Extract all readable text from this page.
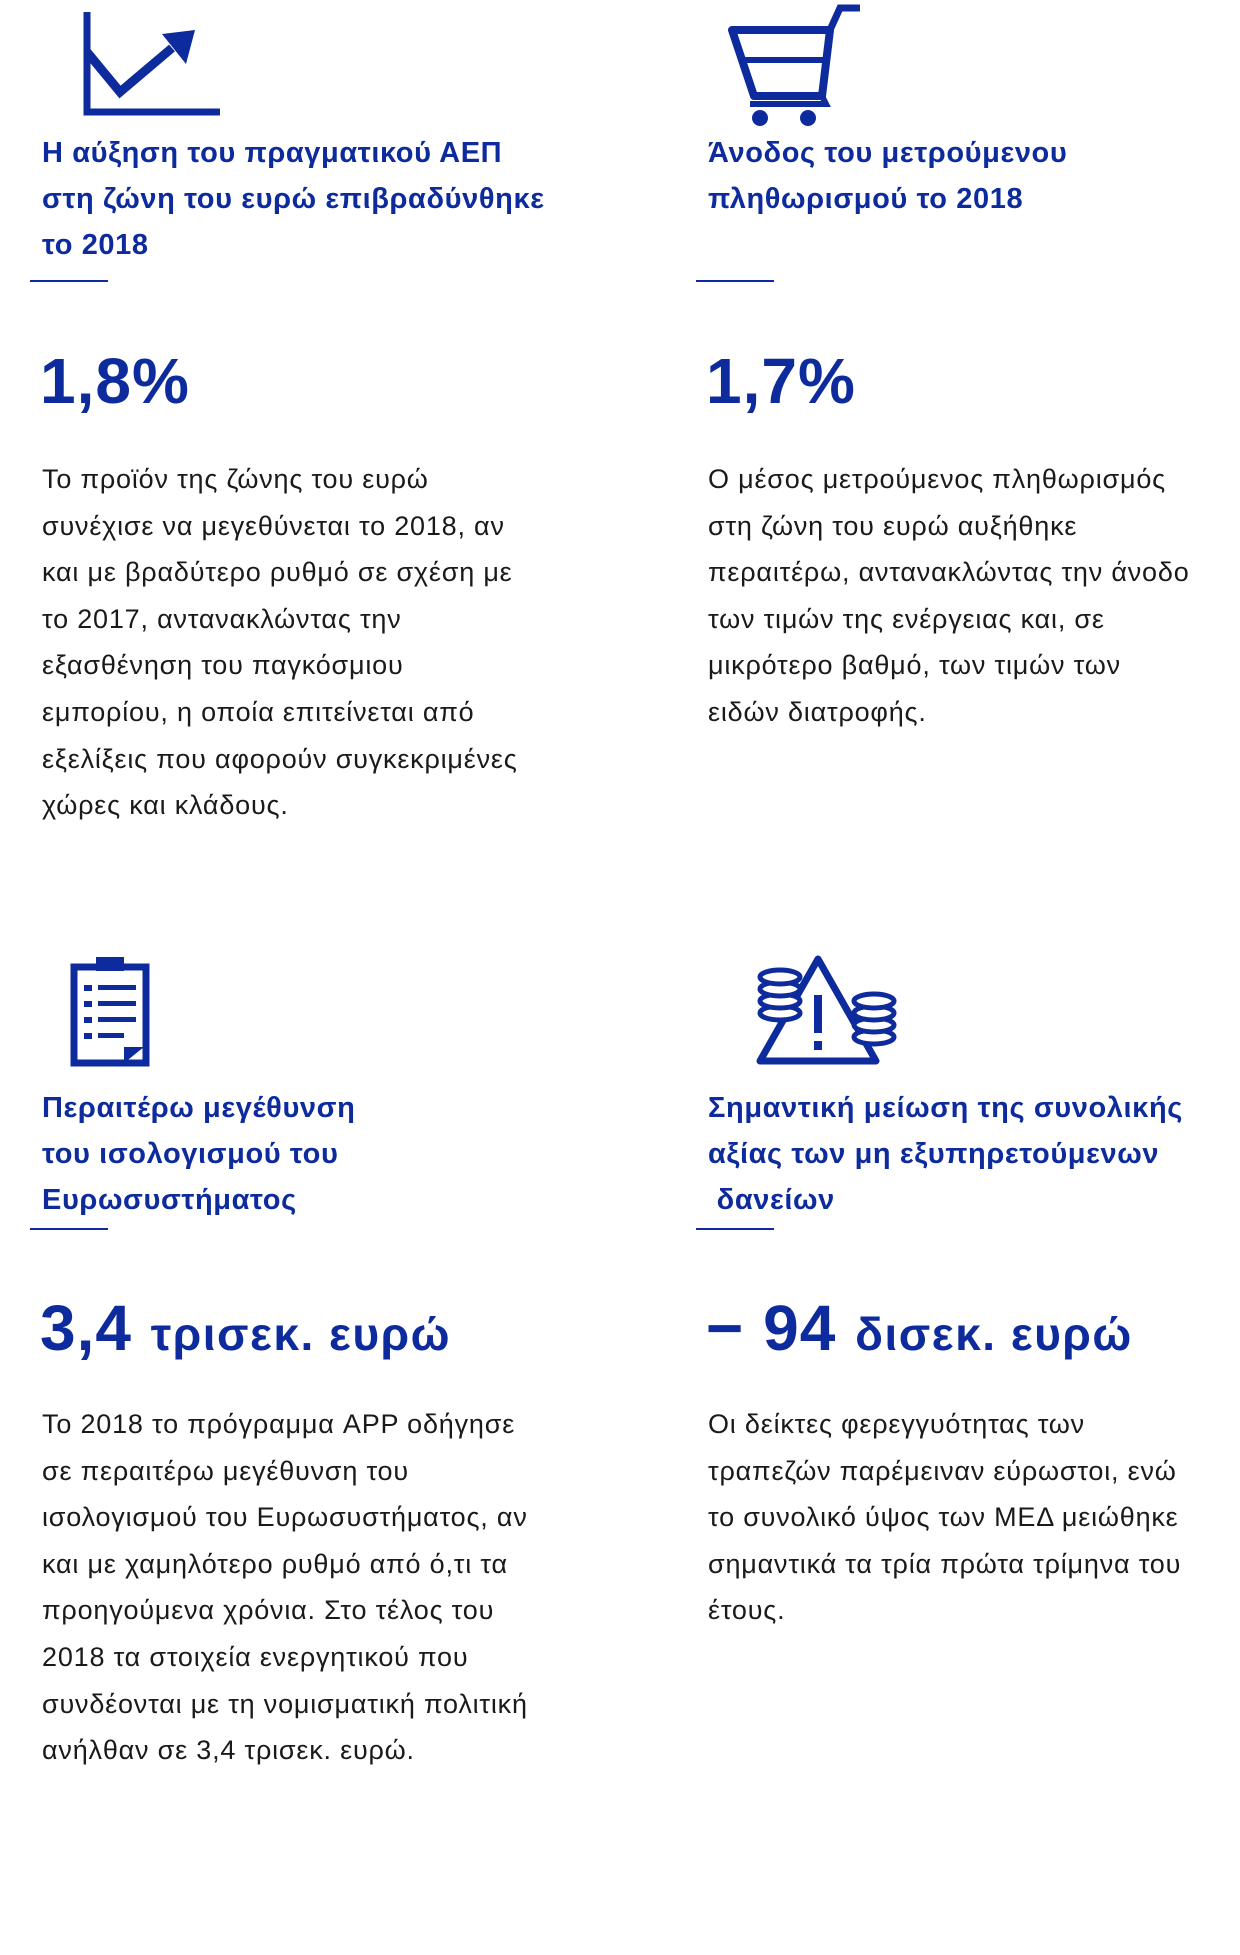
Η αύξηση του πραγματικού ΑΕΠ
στη ζώνη του ευρώ επιβραδύνθηκε
το 2018
1,8%
Το προϊόν της ζώνης του ευρώ
συνέχισε να μεγεθύνεται το 2018, αν
και με βραδύτερο ρυθμό σε σχέση με
το 2017, αντανακλώντας την
εξασθένηση του παγκόσμιου
εμπορίου, η οποία επιτείνεται από
εξελίξεις που αφορούν συγκεκριμένες
χώρες και κλάδους.
Άνοδος του μετρούμενου
πληθωρισμού το 2018
1,7%
Ο μέσος μετρούμενος πληθωρισμός
στη ζώνη του ευρώ αυξήθηκε
περαιτέρω, αντανακλώντας την άνοδο
των τιμών της ενέργειας και, σε
μικρότερο βαθμό, των τιμών των
ειδών διατροφής.
Περαιτέρω μεγέθυνση
του ισολογισμού του
Ευρωσυστήματος
3,4 τρισεκ. ευρώ
Το 2018 το πρόγραμμα APP οδήγησε
σε περαιτέρω μεγέθυνση του
ισολογισμού του Ευρωσυστήματος, αν
και με χαμηλότερο ρυθμό από ό,τι τα
προηγούμενα χρόνια. Στο τέλος του
2018 τα στοιχεία ενεργητικού που
συνδέονται με τη νομισματική πολιτική
ανήλθαν σε 3,4 τρισεκ. ευρώ.
Σημαντική μείωση της συνολικής
αξίας των μη εξυπηρετούμενων
δανείων
− 94 δισεκ. ευρώ
Οι δείκτες φερεγγυότητας των
τραπεζών παρέμειναν εύρωστοι, ενώ
το συνολικό ύψος των ΜΕΔ μειώθηκε
σημαντικά τα τρία πρώτα τρίμηνα του
έτους.
